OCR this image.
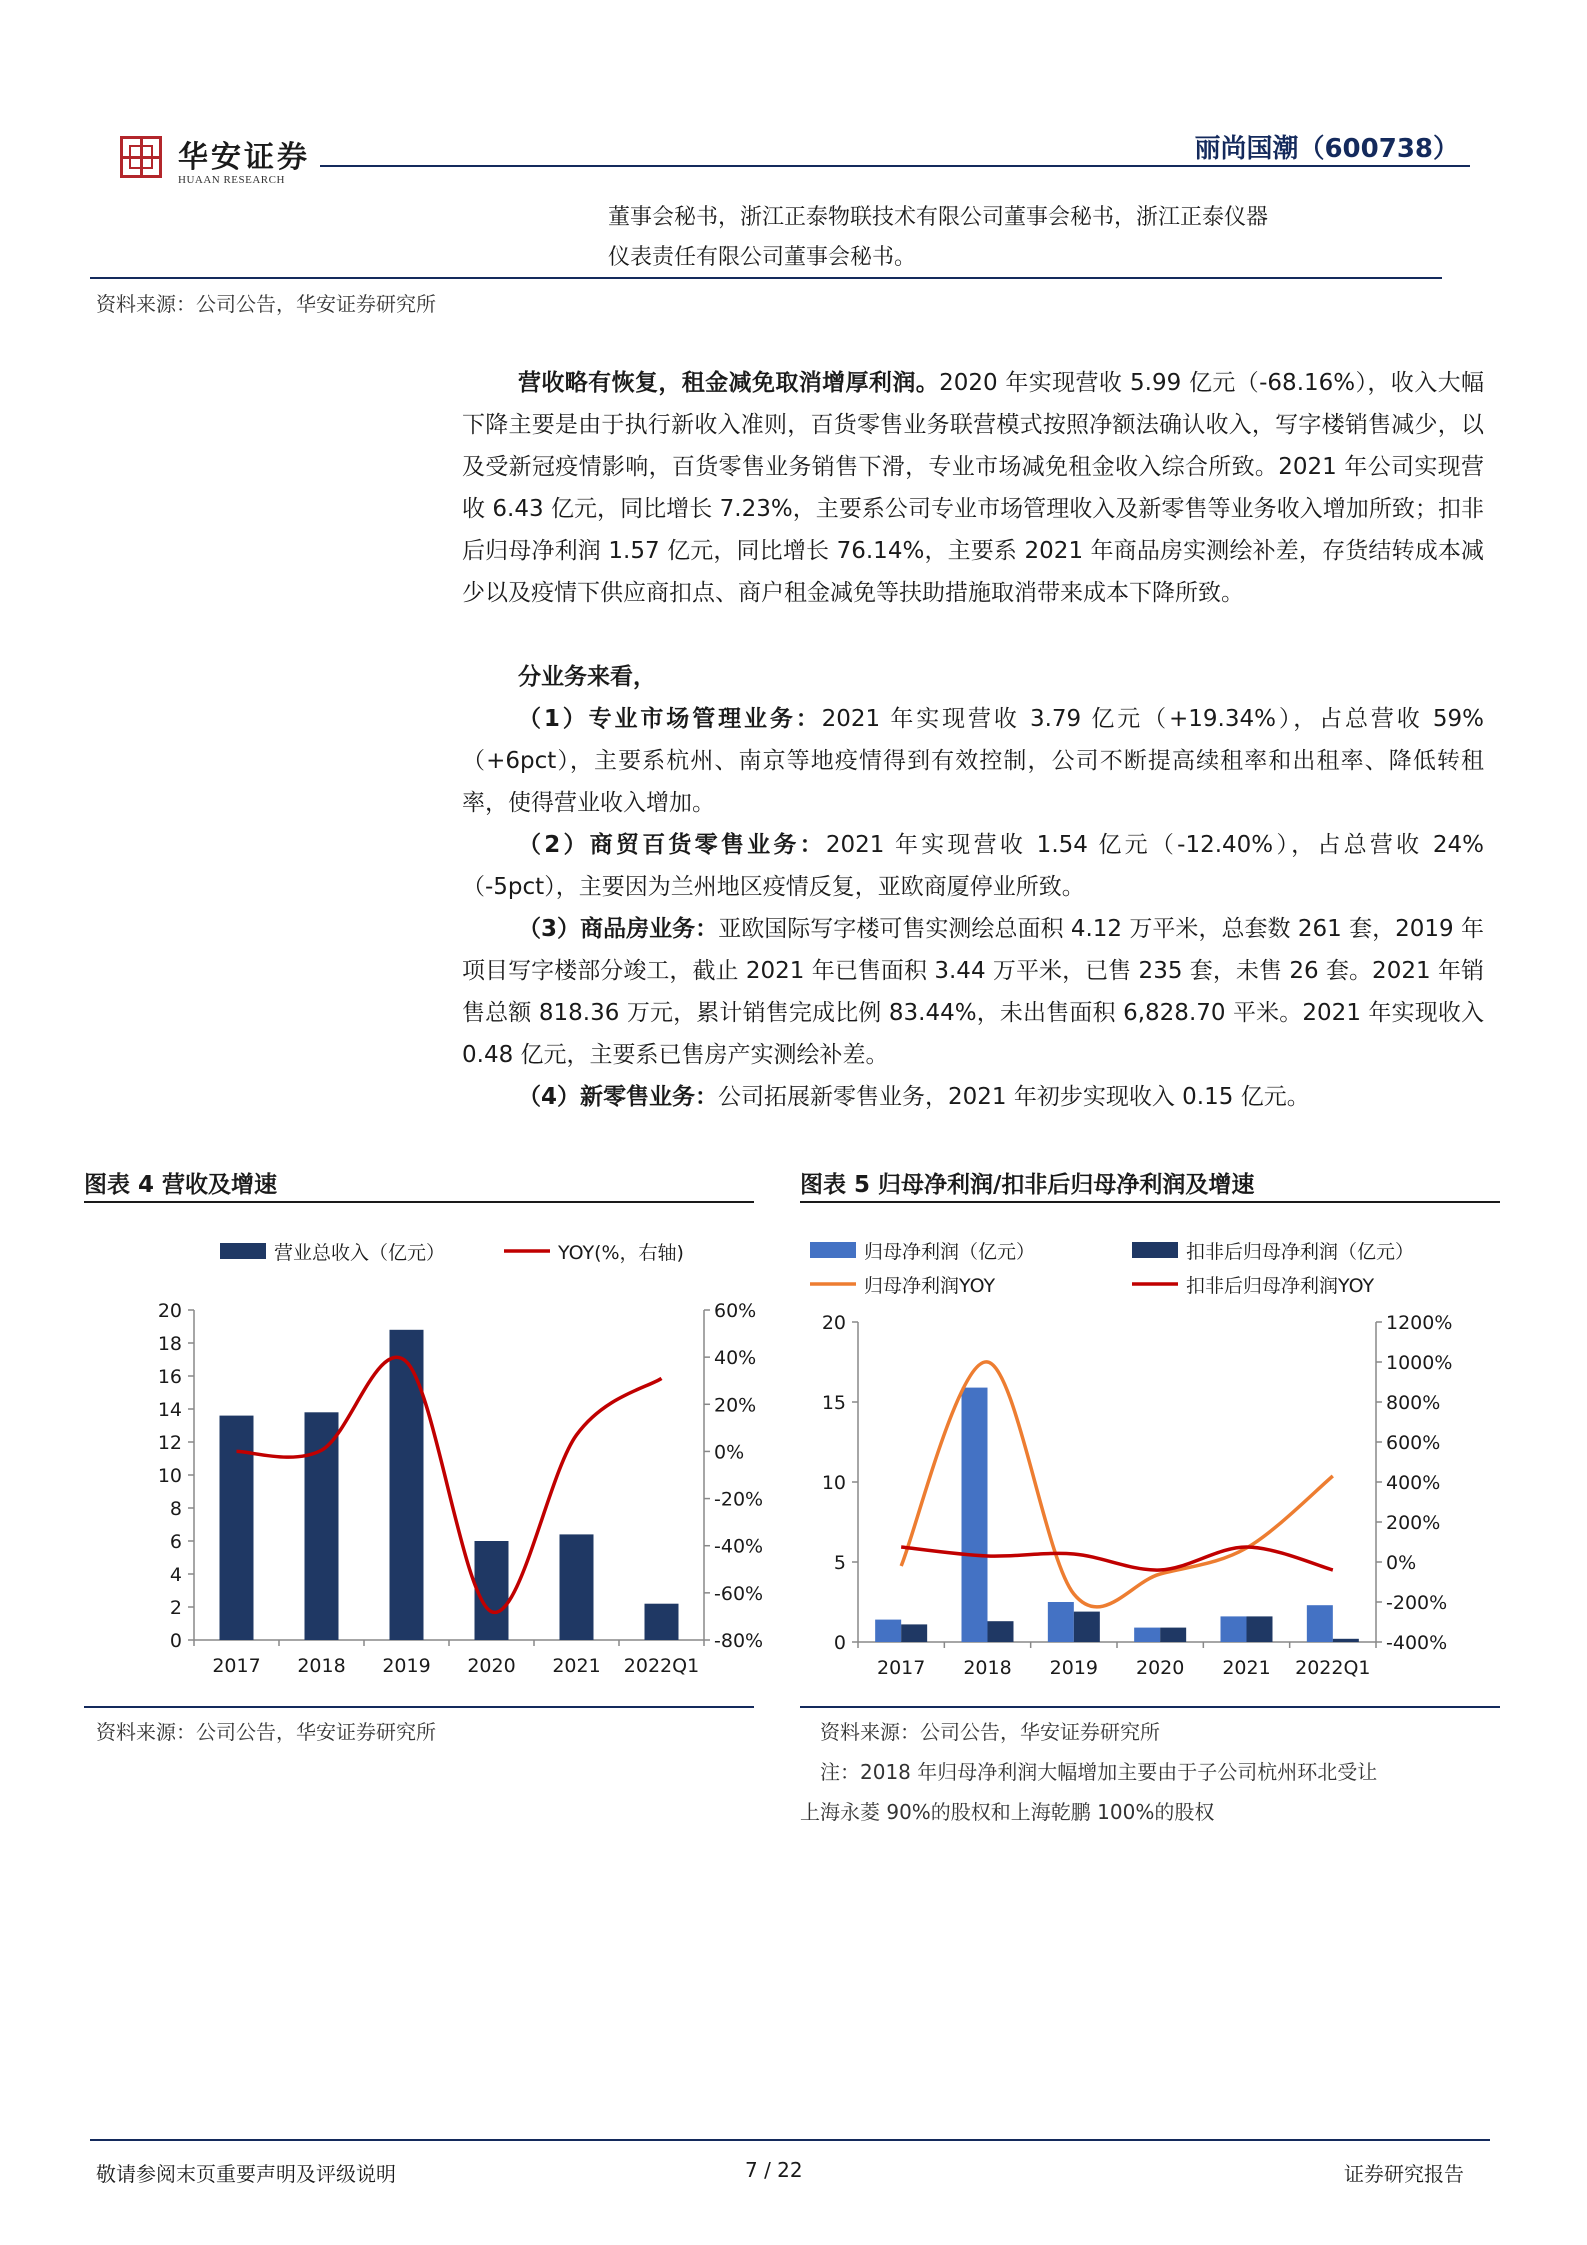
华安证券
HUAAN RESEARCH
丽尚国潮（600738）
董事会秘书，浙江正泰物联技术有限公司董事会秘书，浙江正泰仪器
仪表责任有限公司董事会秘书。
资料来源：公司公告，华安证券研究所
营收略有恢复，租金减免取消增厚利润。2020 年实现营收 5.99 亿元（-68.16%），收入大幅下降主要是由于执行新收入准则，百货零售业务联营模式按照净额法确认收入，写字楼销售减少，以及受新冠疫情影响，百货零售业务销售下滑，专业市场减免租金收入综合所致。2021 年公司实现营收 6.43 亿元，同比增长 7.23%，主要系公司专业市场管理收入及新零售等业务收入增加所致；扣非后归母净利润 1.57 亿元，同比增长 76.14%，主要系 2021 年商品房实测绘补差，存货结转成本减少以及疫情下供应商扣点、商户租金减免等扶助措施取消带来成本下降所致。
分业务来看，
（1）专业市场管理业务：2021 年实现营收 3.79 亿元（+19.34%），占总营收 59%（+6pct），主要系杭州、南京等地疫情得到有效控制，公司不断提高续租率和出租率、降低转租率，使得营业收入增加。
（2）商贸百货零售业务：2021 年实现营收 1.54 亿元（-12.40%），占总营收 24%（-5pct），主要因为兰州地区疫情反复，亚欧商厦停业所致。
（3）商品房业务：亚欧国际写字楼可售实测绘总面积 4.12 万平米，总套数 261 套，2019 年项目写字楼部分竣工，截止 2021 年已售面积 3.44 万平米，已售 235 套，未售 26 套。2021 年销售总额 818.36 万元，累计销售完成比例 83.44%，未出售面积 6,828.70 平米。2021 年实现收入 0.48 亿元，主要系已售房产实测绘补差。
（4）新零售业务：公司拓展新零售业务，2021 年初步实现收入 0.15 亿元。
图表 4 营收及增速	图表 5 归母净利润/扣非后归母净利润及增速
0
2
4
6
8
10
12
14
16
18
20
-80%
-60%
-40%
-20%
0%
20%
40%
60%
2017 2018 2019 2020 2021 2022Q1
营业总收入（亿元）	YOY(%，右轴)
0
5
10
15
20
-400%
-200%
0%
200%
400%
600%
800%
1000%
1200%
2017 2018 2019 2020 2021 2022Q1
归母净利润（亿元）	扣非后归母净利润（亿元）
归母净利润YOY	扣非后归母净利润YOY
资料来源：公司公告，华安证券研究所	资料来源：公司公告，华安证券研究所
注：2018 年归母净利润大幅增加主要由于子公司杭州环北受让
上海永菱 90%的股权和上海乾鹏 100%的股权
敬请参阅末页重要声明及评级说明	7 / 22	证券研究报告
